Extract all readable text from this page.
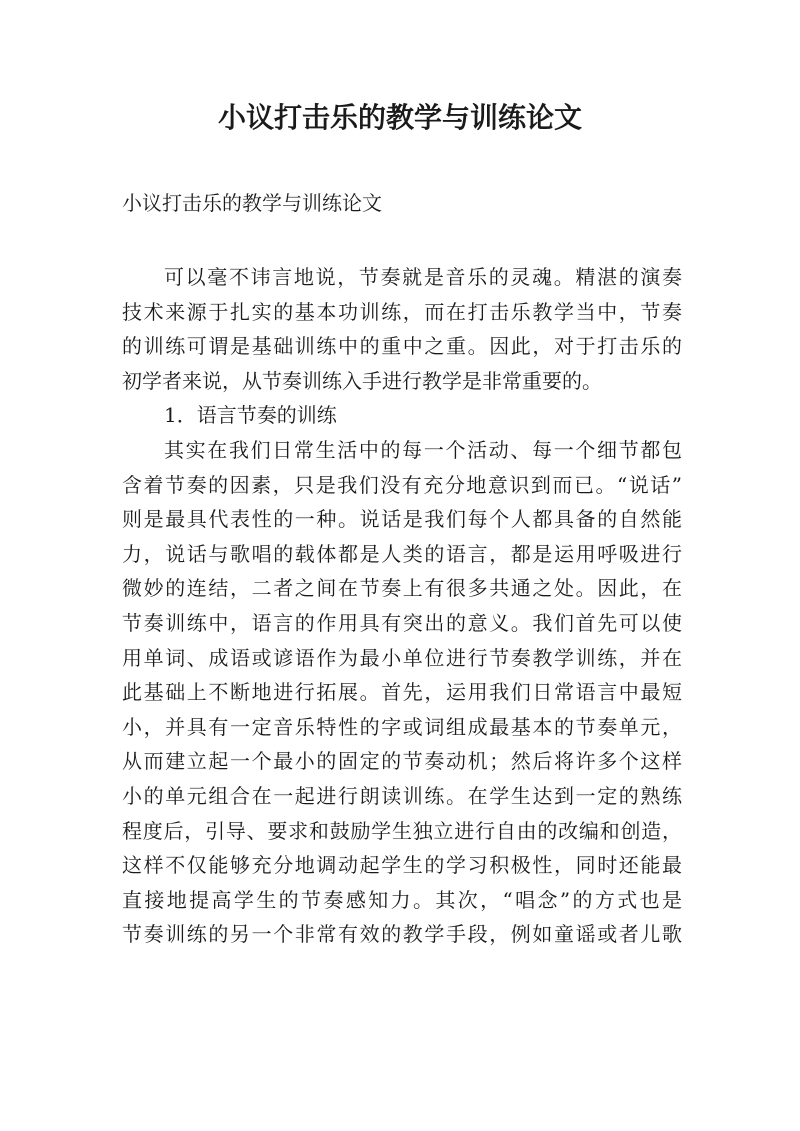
小议打击乐的教学与训练论文
小议打击乐的教学与训练论文
可以毫不讳言地说，节奏就是音乐的灵魂。精湛的演奏
技术来源于扎实的基本功训练，而在打击乐教学当中，节奏
的训练可谓是基础训练中的重中之重。因此，对于打击乐的
初学者来说，从节奏训练入手进行教学是非常重要的。
1．语言节奏的训练
其实在我们日常生活中的每一个活动、每一个细节都包
含着节奏的因素，只是我们没有充分地意识到而已。“说话”
则是最具代表性的一种。说话是我们每个人都具备的自然能
力，说话与歌唱的载体都是人类的语言，都是运用呼吸进行
微妙的连结，二者之间在节奏上有很多共通之处。因此，在
节奏训练中，语言的作用具有突出的意义。我们首先可以使
用单词、成语或谚语作为最小单位进行节奏教学训练，并在
此基础上不断地进行拓展。首先，运用我们日常语言中最短
小，并具有一定音乐特性的字或词组成最基本的节奏单元，
从而建立起一个最小的固定的节奏动机；然后将许多个这样
小的单元组合在一起进行朗读训练。在学生达到一定的熟练
程度后，引导、要求和鼓励学生独立进行自由的改编和创造，
这样不仅能够充分地调动起学生的学习积极性，同时还能最
直接地提高学生的节奏感知力。其次，“唱念”的方式也是
节奏训练的另一个非常有效的教学手段，例如童谣或者儿歌
